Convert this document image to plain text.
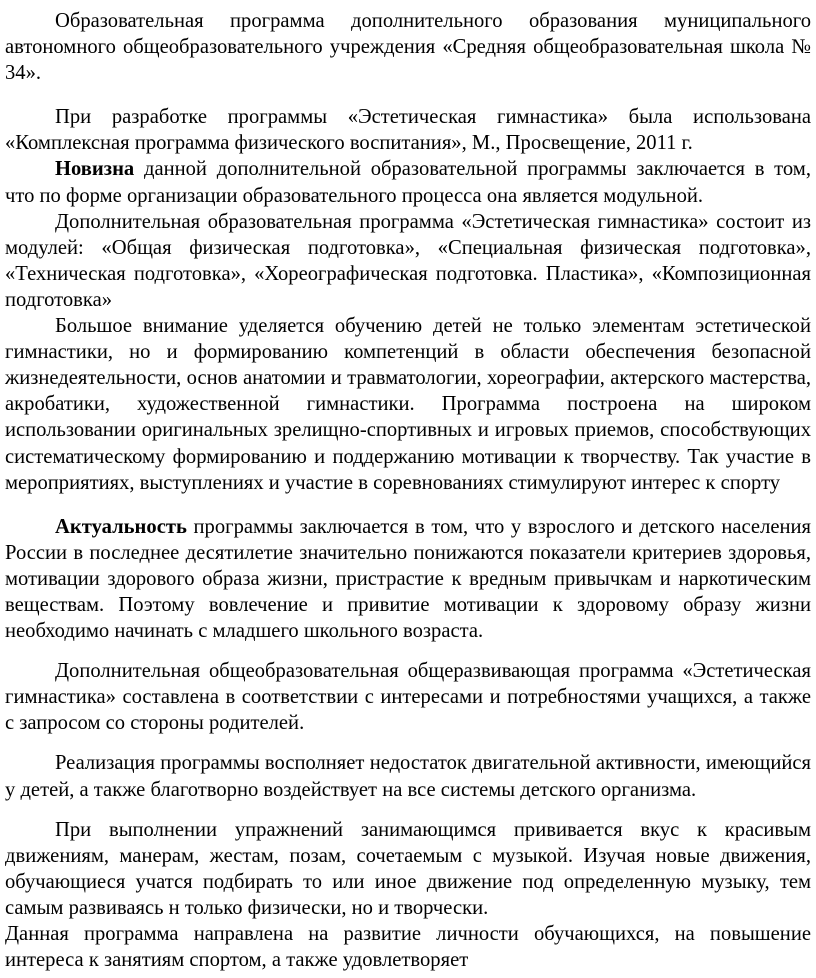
Образовательная программа дополнительного образования муниципального автономного общеобразовательного учреждения «Средняя общеобразовательная школа № 34».

При разработке программы «Эстетическая гимнастика» была использована «Комплексная программа физического воспитания», М., Просвещение, 2011 г.

Новизна данной дополнительной образовательной программы заключается в том, что по форме организации образовательного процесса она является модульной.

Дополнительная образовательная программа «Эстетическая гимнастика» состоит из модулей: «Общая физическая подготовка», «Специальная физическая подготовка», «Техническая подготовка», «Хореографическая подготовка. Пластика», «Композиционная подготовка»

Большое внимание уделяется обучению детей не только элементам эстетической гимнастики, но и формированию компетенций в области обеспечения безопасной жизнедеятельности, основ анатомии и травматологии, хореографии, актерского мастерства, акробатики, художественной гимнастики. Программа построена на широком использовании оригинальных зрелищно-спортивных и игровых приемов, способствующих систематическому формированию и поддержанию мотивации к творчеству. Так участие в мероприятиях, выступлениях и участие в соревнованиях стимулируют интерес к спорту

Актуальность программы заключается в том, что у взрослого и детского населения России в последнее десятилетие значительно понижаются показатели критериев здоровья, мотивации здорового образа жизни, пристрастие к вредным привычкам и наркотическим веществам. Поэтому вовлечение и привитие мотивации к здоровому образу жизни необходимо начинать с младшего школьного возраста.

Дополнительная общеобразовательная общеразвивающая программа «Эстетическая гимнастика» составлена в соответствии с интересами и потребностями учащихся, а также с запросом со стороны родителей.

Реализация программы восполняет недостаток двигательной активности, имеющийся у детей, а также благотворно воздействует на все системы детского организма.

При выполнении упражнений занимающимся прививается вкус к красивым движениям, манерам, жестам, позам, сочетаемым с музыкой. Изучая новые движения, обучающиеся учатся подбирать то или иное движение под определенную музыку, тем самым развиваясь н только физически, но и творчески.

Данная программа направлена на развитие личности обучающихся, на повышение интереса к занятиям спортом, а также удовлетворяет
